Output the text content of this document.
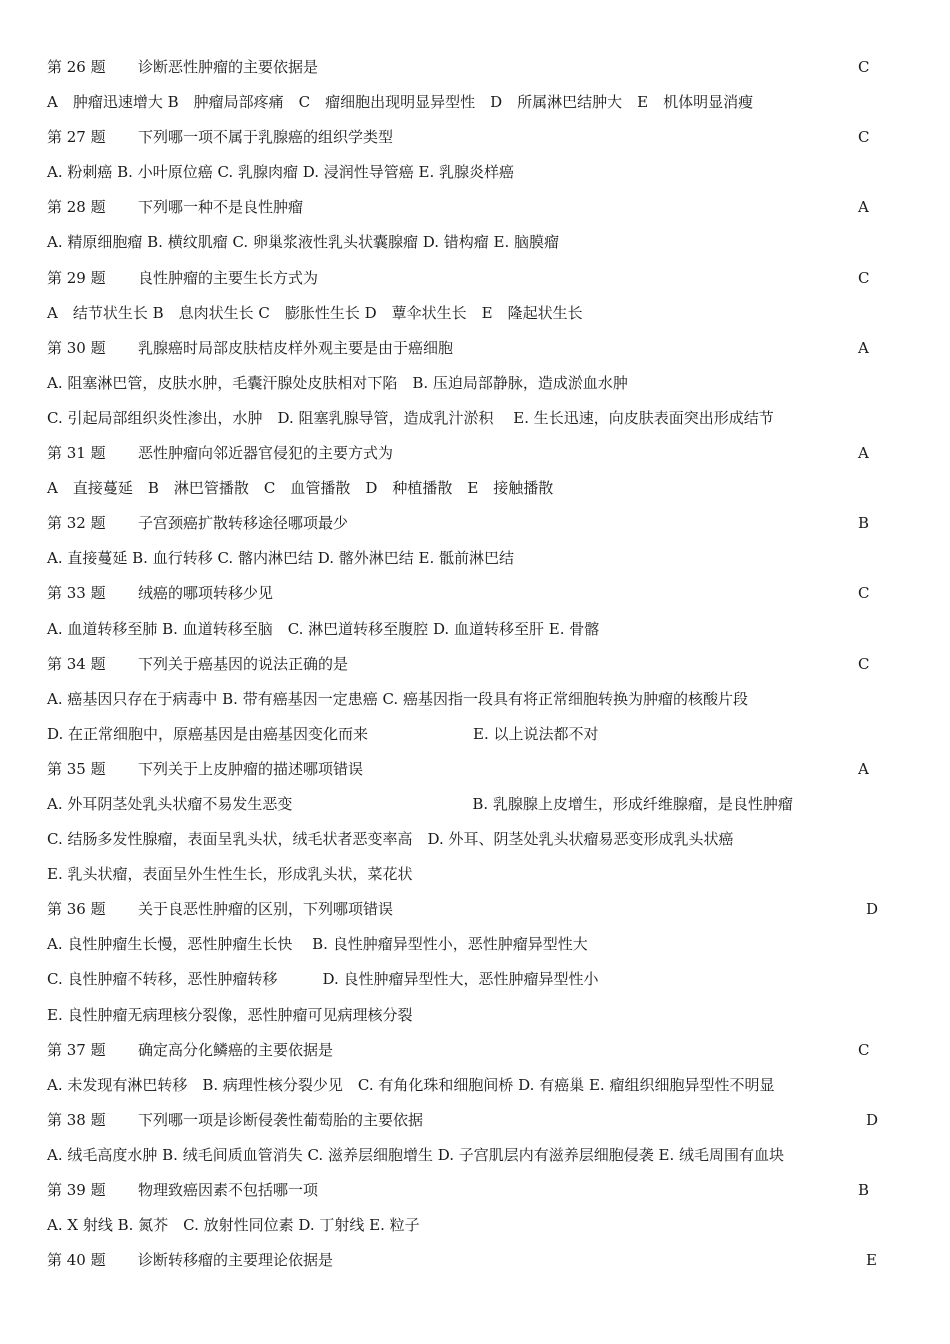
第 26 题 诊断恶性肿瘤的主要依据是	C
A　肿瘤迅速增大 B　肿瘤局部疼痛　C　瘤细胞出现明显异型性　D　所属淋巴结肿大　E　机体明显消瘦
第 27 题 下列哪一项不属于乳腺癌的组织学类型	C
A. 粉刺癌 B. 小叶原位癌 C. 乳腺肉瘤 D. 浸润性导管癌 E. 乳腺炎样癌
第 28 题 下列哪一种不是良性肿瘤	A
A. 精原细胞瘤 B. 横纹肌瘤 C. 卵巢浆液性乳头状囊腺瘤 D. 错构瘤 E. 脑膜瘤
第 29 题 良性肿瘤的主要生长方式为	C
A　结节状生长 B　息肉状生长 C　膨胀性生长 D　蕈伞状生长　E　隆起状生长
第 30 题 乳腺癌时局部皮肤桔皮样外观主要是由于癌细胞	A
A. 阻塞淋巴管，皮肤水肿，毛囊汗腺处皮肤相对下陷　B. 压迫局部静脉，造成淤血水肿
C. 引起局部组织炎性渗出，水肿　D. 阻塞乳腺导管，造成乳汁淤积　 E. 生长迅速，向皮肤表面突出形成结节
第 31 题 恶性肿瘤向邻近器官侵犯的主要方式为	A
A　直接蔓延　B　淋巴管播散　C　血管播散　D　种植播散　E　接触播散
第 32 题 子宫颈癌扩散转移途径哪项最少	B
A. 直接蔓延 B. 血行转移 C. 髂内淋巴结 D. 髂外淋巴结 E. 骶前淋巴结
第 33 题 绒癌的哪项转移少见	C
A. 血道转移至肺 B. 血道转移至脑　C. 淋巴道转移至腹腔 D. 血道转移至肝 E. 骨髂
第 34 题 下列关于癌基因的说法正确的是	C
A. 癌基因只存在于病毒中 B. 带有癌基因一定患癌 C. 癌基因指一段具有将正常细胞转换为肿瘤的核酸片段
D. 在正常细胞中，原癌基因是由癌基因变化而来　　　　　　　E. 以上说法都不对
第 35 题 下列关于上皮肿瘤的描述哪项错误	A
A. 外耳阴茎处乳头状瘤不易发生恶变　　　　　　　　　　　　B. 乳腺腺上皮增生，形成纤维腺瘤，是良性肿瘤
C. 结肠多发性腺瘤，表面呈乳头状，绒毛状者恶变率高　D. 外耳、阴茎处乳头状瘤易恶变形成乳头状癌
E. 乳头状瘤，表面呈外生性生长，形成乳头状，菜花状
第 36 题 关于良恶性肿瘤的区别，下列哪项错误	D
A. 良性肿瘤生长慢，恶性肿瘤生长快　 B. 良性肿瘤异型性小，恶性肿瘤异型性大
C. 良性肿瘤不转移，恶性肿瘤转移　　　D. 良性肿瘤异型性大，恶性肿瘤异型性小
E. 良性肿瘤无病理核分裂像，恶性肿瘤可见病理核分裂
第 37 题 确定高分化鳞癌的主要依据是	C
A. 未发现有淋巴转移　B. 病理性核分裂少见　C. 有角化珠和细胞间桥 D. 有癌巢 E. 瘤组织细胞异型性不明显
第 38 题 下列哪一项是诊断侵袭性葡萄胎的主要依据	D
A. 绒毛高度水肿 B. 绒毛间质血管消失 C. 滋养层细胞增生 D. 子宫肌层内有滋养层细胞侵袭 E. 绒毛周围有血块
第 39 题 物理致癌因素不包括哪一项	B
A. X 射线 B. 氮芥　C. 放射性同位素 D. 丁射线 E. 粒子
第 40 题 诊断转移瘤的主要理论依据是	E
